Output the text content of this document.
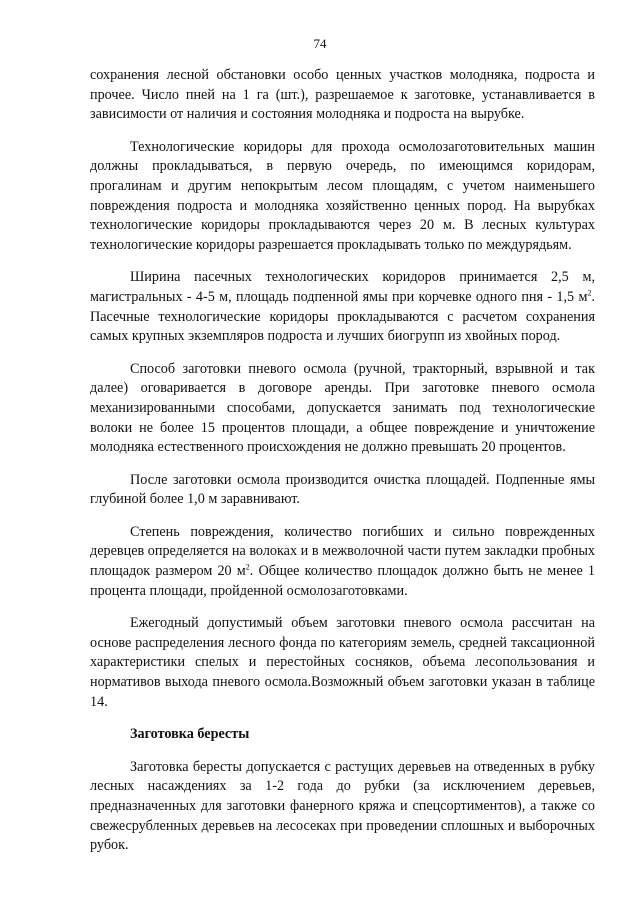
74

сохранения лесной обстановки особо ценных участков молодняка, подроста и прочее. Число пней на 1 га (шт.), разрешаемое к заготовке, устанавливается в зависимости от наличия и состояния молодняка и подроста на вырубке.

Технологические коридоры для прохода осмолозаготовительных машин должны прокладываться, в первую очередь, по имеющимся коридорам, прогалинам и другим непокрытым лесом площадям, с учетом наименьшего повреждения подроста и молодняка хозяйственно ценных пород. На вырубках технологические коридоры прокладываются через 20 м. В лесных культурах технологические коридоры разрешается прокладывать только по междурядьям.

Ширина пасечных технологических коридоров принимается 2,5 м, магистральных - 4-5 м, площадь подпенной ямы при корчевке одного пня - 1,5 $м^2$. Пасечные технологические коридоры прокладываются с расчетом сохранения самых крупных экземпляров подроста и лучших биогрупп из хвойных пород.

Способ заготовки пневого осмола (ручной, тракторный, взрывной и так далее) оговаривается в договоре аренды. При заготовке пневого осмола механизированными способами, допускается занимать под технологические волоки не более 15 процентов площади, а общее повреждение и уничтожение молодняка естественного происхождения не должно превышать 20 процентов.

После заготовки осмола производится очистка площадей. Подпенные ямы глубиной более 1,0 м заравнивают.

Степень повреждения, количество погибших и сильно поврежденных деревцев определяется на волоках и в межволочной части путем закладки пробных площадок размером 20 $м^2$. Общее количество площадок должно быть не менее 1 процента площади, пройденной осмолозаготовками.

Ежегодный допустимый объем заготовки пневого осмола рассчитан на основе распределения лесного фонда по категориям земель, средней таксационной характеристики спелых и перестойных сосняков, объема лесопользования и нормативов выхода пневого осмола.Возможный объем заготовки указан в таблице 14.

Заготовка бересты

Заготовка бересты допускается с растущих деревьев на отведенных в рубку лесных насаждениях за 1-2 года до рубки (за исключением деревьев, предназначенных для заготовки фанерного кряжа и спецсортиментов), а также со свежесрубленных деревьев на лесосеках при проведении сплошных и выборочных рубок.
